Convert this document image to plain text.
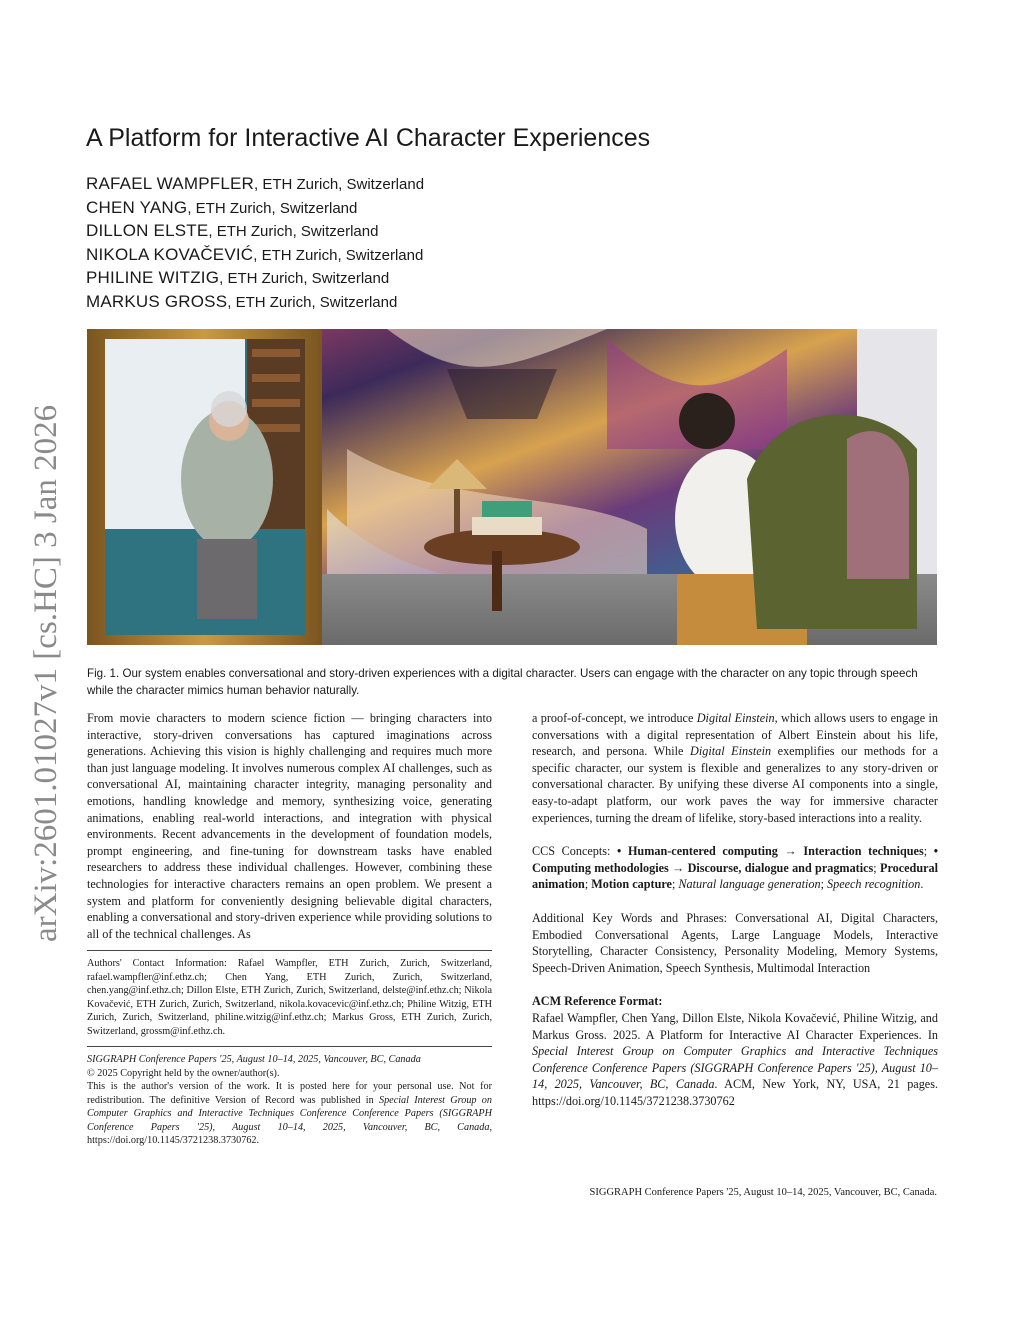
arXiv:2601.01027v1 [cs.HC] 3 Jan 2026
A Platform for Interactive AI Character Experiences
RAFAEL WAMPFLER, ETH Zurich, Switzerland
CHEN YANG, ETH Zurich, Switzerland
DILLON ELSTE, ETH Zurich, Switzerland
NIKOLA KOVAČEVIĆ, ETH Zurich, Switzerland
PHILINE WITZIG, ETH Zurich, Switzerland
MARKUS GROSS, ETH Zurich, Switzerland
Fig. 1. Our system enables conversational and story-driven experiences with a digital character. Users can engage with the character on any topic through speech while the character mimics human behavior naturally.

From movie characters to modern science fiction — bringing characters into interactive, story-driven conversations has captured imaginations across generations. Achieving this vision is highly challenging and requires much more than just language modeling. It involves numerous complex AI challenges, such as conversational AI, maintaining character integrity, managing personality and emotions, handling knowledge and memory, synthesizing voice, generating animations, enabling real-world interactions, and integration with physical environments. Recent advancements in the development of foundation models, prompt engineering, and fine-tuning for downstream tasks have enabled researchers to address these individual challenges. However, combining these technologies for interactive characters remains an open problem. We present a system and platform for conveniently designing believable digital characters, enabling a conversational and story-driven experience while providing solutions to all of the technical challenges. As

Authors' Contact Information: Rafael Wampfler, ETH Zurich, Zurich, Switzerland, rafael.wampfler@inf.ethz.ch; Chen Yang, ETH Zurich, Zurich, Switzerland, chen.yang@inf.ethz.ch; Dillon Elste, ETH Zurich, Zurich, Switzerland, delste@inf.ethz.ch; Nikola Kovačević, ETH Zurich, Zurich, Switzerland, nikola.kovacevic@inf.ethz.ch; Philine Witzig, ETH Zurich, Zurich, Switzerland, philine.witzig@inf.ethz.ch; Markus Gross, ETH Zurich, Zurich, Switzerland, grossm@inf.ethz.ch.

SIGGRAPH Conference Papers '25, August 10–14, 2025, Vancouver, BC, Canada

© 2025 Copyright held by the owner/author(s).

This is the author's version of the work. It is posted here for your personal use. Not for redistribution. The definitive Version of Record was published in Special Interest Group on Computer Graphics and Interactive Techniques Conference Conference Papers (SIGGRAPH Conference Papers '25), August 10–14, 2025, Vancouver, BC, Canada, https://doi.org/10.1145/3721238.3730762.

a proof-of-concept, we introduce Digital Einstein, which allows users to engage in conversations with a digital representation of Albert Einstein about his life, research, and persona. While Digital Einstein exemplifies our methods for a specific character, our system is flexible and generalizes to any story-driven or conversational character. By unifying these diverse AI components into a single, easy-to-adapt platform, our work paves the way for immersive character experiences, turning the dream of lifelike, story-based interactions into a reality.

CCS Concepts: • Human-centered computing → Interaction techniques; • Computing methodologies → Discourse, dialogue and pragmatics; Procedural animation; Motion capture; Natural language generation; Speech recognition.

Additional Key Words and Phrases: Conversational AI, Digital Characters, Embodied Conversational Agents, Large Language Models, Interactive Storytelling, Character Consistency, Personality Modeling, Memory Systems, Speech-Driven Animation, Speech Synthesis, Multimodal Interaction

ACM Reference Format:

Rafael Wampfler, Chen Yang, Dillon Elste, Nikola Kovačević, Philine Witzig, and Markus Gross. 2025. A Platform for Interactive AI Character Experiences. In Special Interest Group on Computer Graphics and Interactive Techniques Conference Conference Papers (SIGGRAPH Conference Papers '25), August 10–14, 2025, Vancouver, BC, Canada. ACM, New York, NY, USA, 21 pages. https://doi.org/10.1145/3721238.3730762

SIGGRAPH Conference Papers '25, August 10–14, 2025, Vancouver, BC, Canada.
